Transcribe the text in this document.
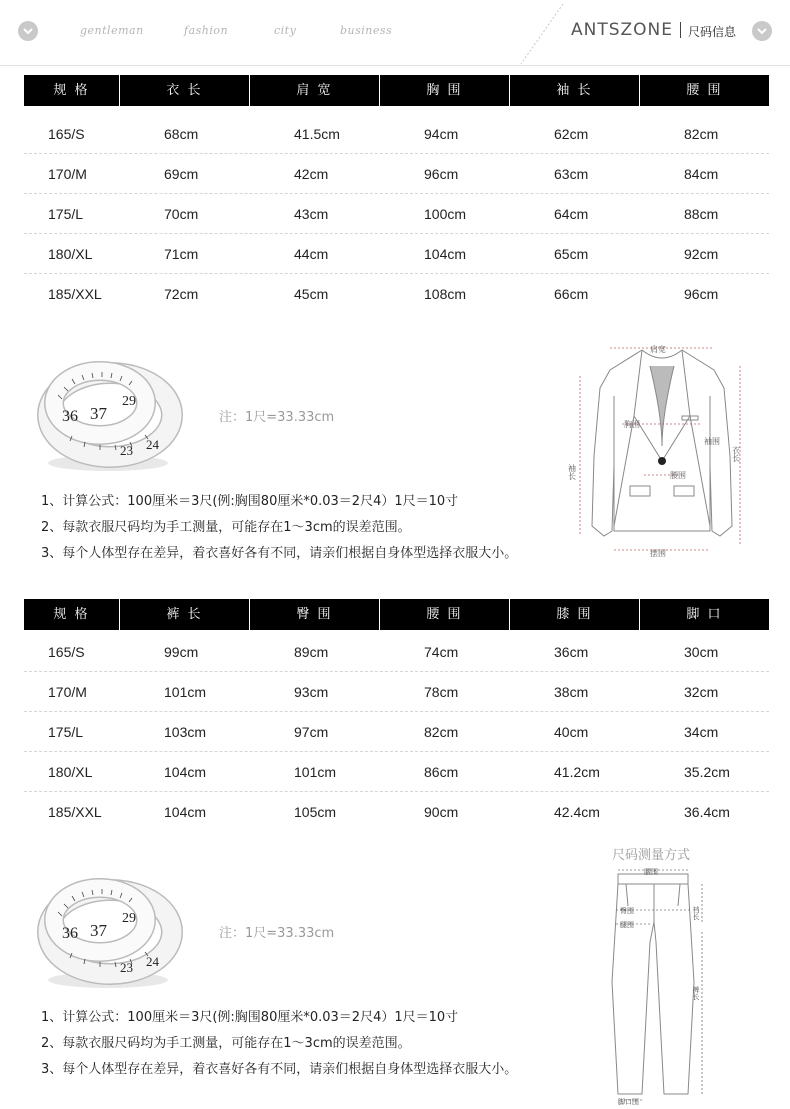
gentleman	fashion	city	business	ANTSZONE 尺码信息
规 格	衣 长	肩 宽	胸 围	袖 长	腰 围
165/S	68cm	41.5cm	94cm	62cm	82cm
170/M	69cm	42cm	96cm	63cm	84cm
175/L	70cm	43cm	100cm	64cm	88cm
180/XL	71cm	44cm	104cm	65cm	92cm
185/XXL	72cm	45cm	108cm	66cm	96cm
36 37
23 24
29
注：1尺=33.33cm
肩宽
胸围
腰围
摆围
袖围
袖长
衣长
1、计算公式：100厘米＝3尺(例:胸围80厘米*0.03＝2尺4）1尺＝10寸
2、每款衣服尺码均为手工测量，可能存在1～3cm的误差范围。
3、每个人体型存在差异，着衣喜好各有不同，请亲们根据自身体型选择衣服大小。
规 格	裤 长	臀 围	腰 围	膝 围	脚 口
165/S	99cm	89cm	74cm	36cm	30cm
170/M	101cm	93cm	78cm	38cm	32cm
175/L	103cm	97cm	82cm	40cm	34cm
180/XL	104cm	101cm	86cm	41.2cm	35.2cm
185/XXL	104cm	105cm	90cm	42.4cm	36.4cm
36 37
23 24
29
注：1尺=33.33cm
尺码测量方式
腰围
臀围
腿围
裆长
裤长
脚口围
1、计算公式：100厘米＝3尺(例:胸围80厘米*0.03＝2尺4）1尺＝10寸
2、每款衣服尺码均为手工测量，可能存在1～3cm的误差范围。
3、每个人体型存在差异，着衣喜好各有不同，请亲们根据自身体型选择衣服大小。
